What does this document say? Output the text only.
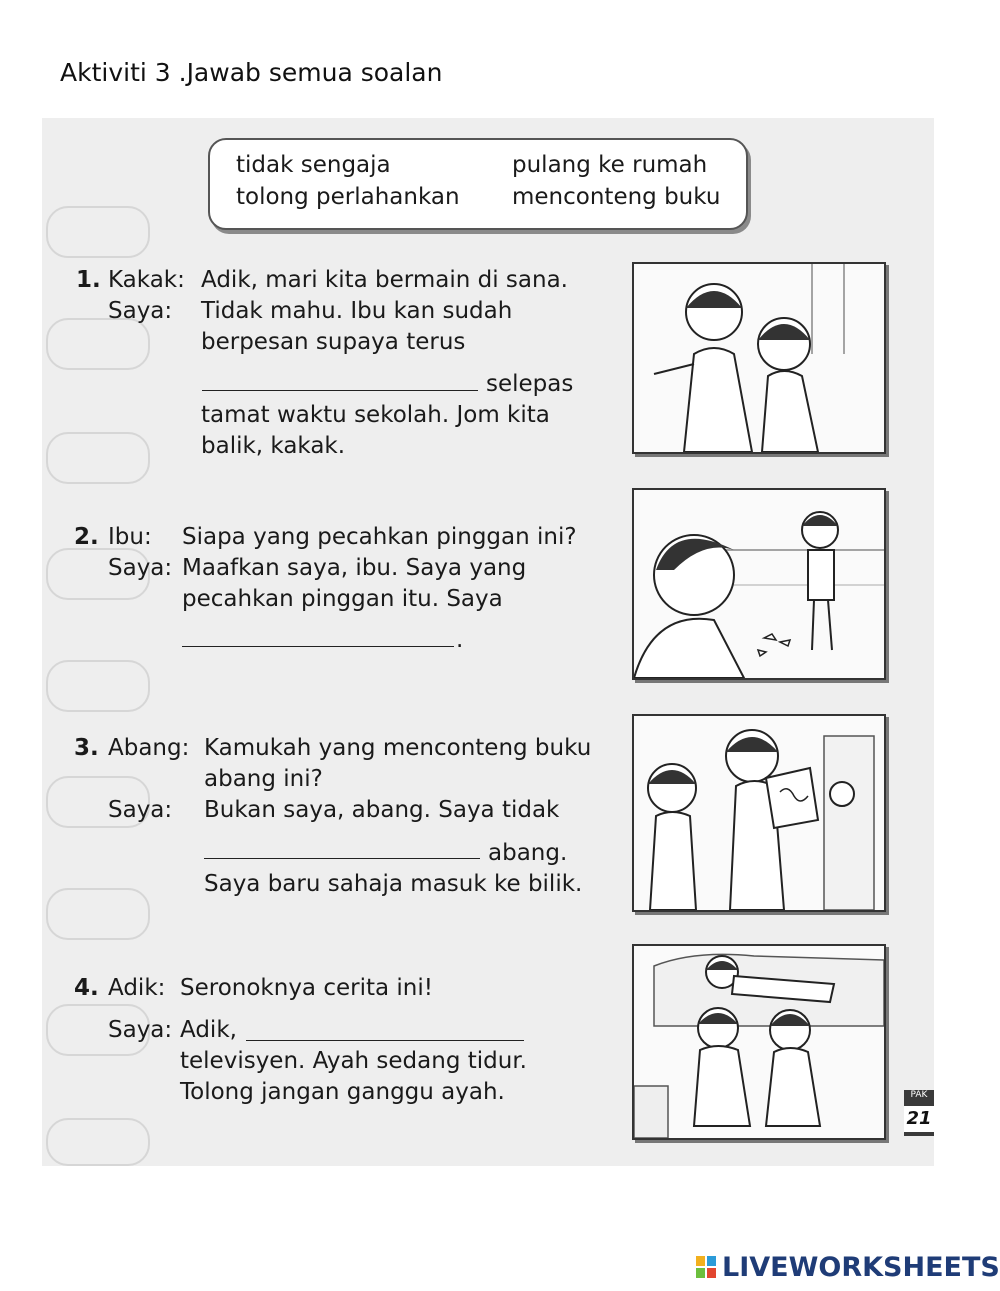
Aktiviti 3 .Jawab semua soalan
tidak sengaja	pulang ke rumah
tolong perlahankan menconteng buku
1. Kakak: Adik, mari kita bermain di sana.
Saya: Tidak mahu. Ibu kan sudah
berpesan supaya terus
selepas
tamat waktu sekolah. Jom kita
balik, kakak.
2. Ibu: Siapa yang pecahkan pinggan ini?
Saya: Maafkan saya, ibu. Saya yang
pecahkan pinggan itu. Saya
.
3. Abang: Kamukah yang menconteng buku
abang ini?
Saya: Bukan saya, abang. Saya tidak
abang.
Saya baru sahaja masuk ke bilik.
4. Adik: Seronoknya cerita ini!
Saya: Adik,
televisyen. Ayah sedang tidur.
Tolong jangan ganggu ayah.	PAK
21
LIVEWORKSHEETS
